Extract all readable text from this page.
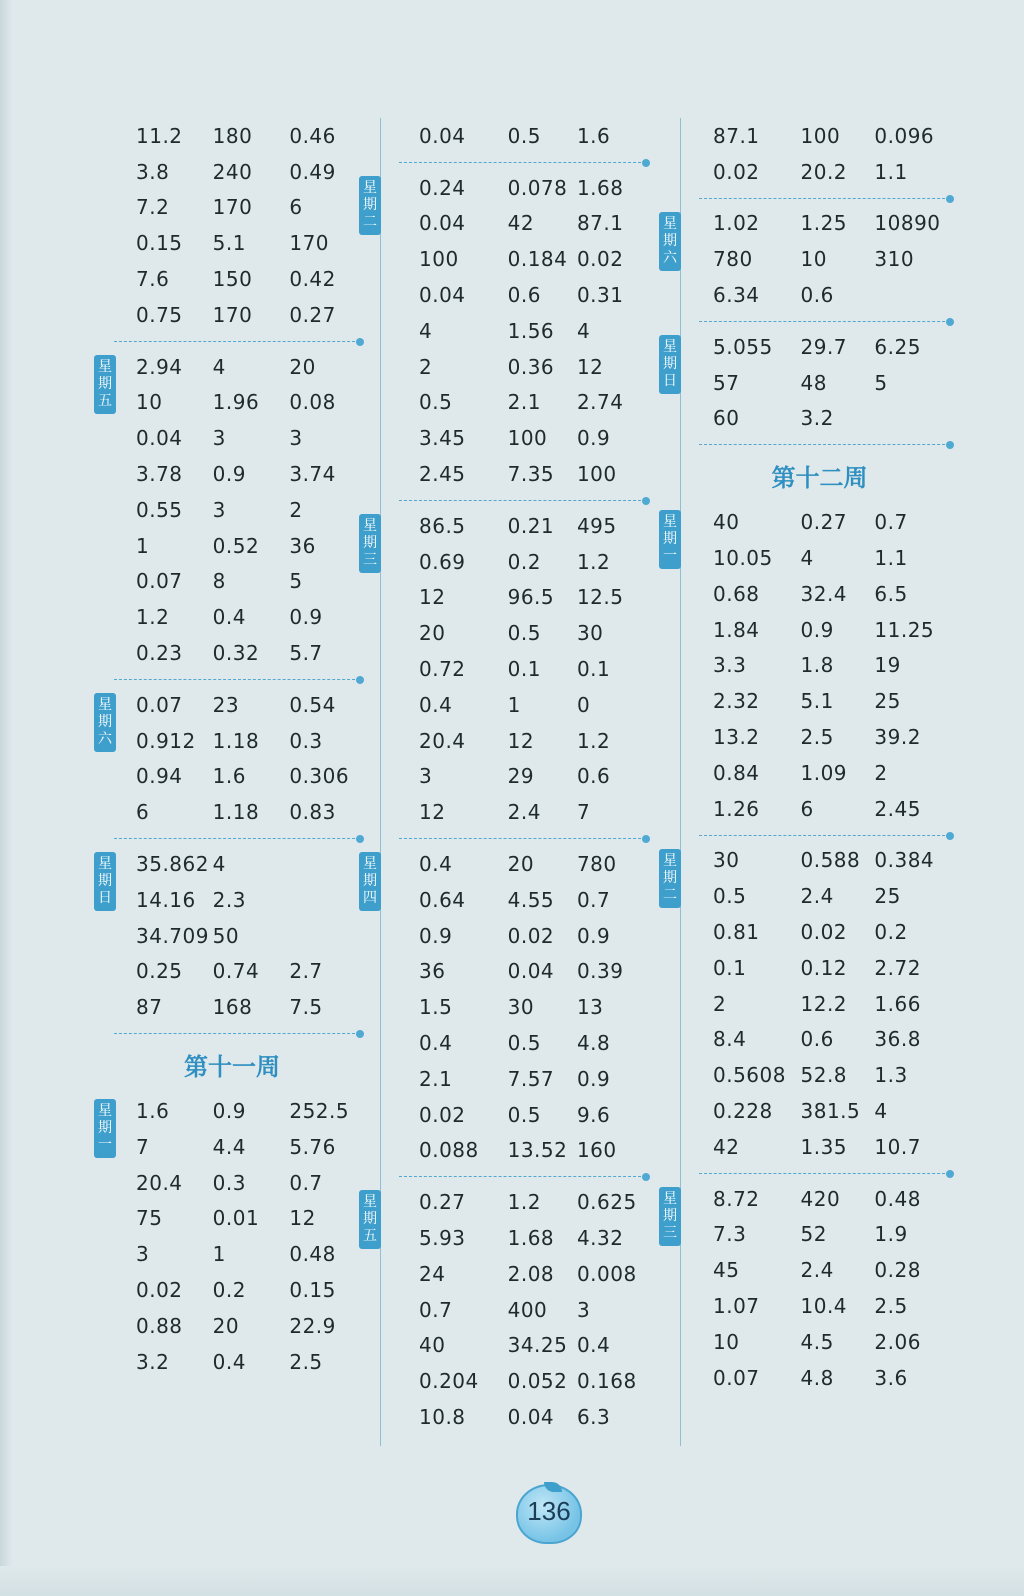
11.2	180	0.46
3.8	240	0.49
7.2	170	6
0.15	5.1	170
7.6	150	0.42
0.75	170	0.27
星
期
五
2.94	4	20
10	1.96	0.08
0.04	3	3
3.78	0.9	3.74
0.55	3	2
1	0.52	36
0.07	8	5
1.2	0.4	0.9
0.23	0.32	5.7
星
期
六
0.07	23	0.54
0.912 1.18	0.3
0.94	1.6	0.306
6	1.18	0.83
星
期
日
35.862 4
14.16 2.3
34.709 50
0.25	0.74	2.7
87	168	7.5
第十一周
星
期
一
1.6	0.9	252.5
7	4.4	5.76
20.4	0.3	0.7
75	0.01	12
3	1	0.48
0.02	0.2	0.15
0.88	20	22.9
3.2	0.4	2.5
0.04	0.5	1.6
星
期
二
0.24	0.078 1.68
0.04	42	87.1
100	0.184 0.02
0.04	0.6	0.31
4	1.56	4
2	0.36	12
0.5	2.1	2.74
3.45	100	0.9
2.45	7.35	100
星
期
三
86.5	0.21	495
0.69	0.2	1.2
12	96.5	12.5
20	0.5	30
0.72	0.1	0.1
0.4	1	0
20.4	12	1.2
3	29	0.6
12	2.4	7
星
期
四
0.4	20	780
0.64	4.55	0.7
0.9	0.02	0.9
36	0.04	0.39
1.5	30	13
0.4	0.5	4.8
2.1	7.57	0.9
0.02	0.5	9.6
0.088	13.52 160
星
期
五
0.27	1.2	0.625
5.93	1.68	4.32
24	2.08	0.008
0.7	400	3
40	34.25 0.4
0.204	0.052 0.168
10.8	0.04	6.3
87.1	100	0.096
0.02	20.2	1.1
星
期
六
1.02	1.25	10890
780	10	310
6.34	0.6
星
期
日
5.055	29.7	6.25
57	48	5
60	3.2
第十二周
星
期
一
40	0.27	0.7
10.05	4	1.1
0.68	32.4	6.5
1.84	0.9	11.25
3.3	1.8	19
2.32	5.1	25
13.2	2.5	39.2
0.84	1.09	2
1.26	6	2.45
星
期
二
30	0.588 0.384
0.5	2.4	25
0.81	0.02	0.2
0.1	0.12	2.72
2	12.2	1.66
8.4	0.6	36.8
0.5608 52.8	1.3
0.228	381.5 4
42	1.35	10.7
星
期
三
8.72	420	0.48
7.3	52	1.9
45	2.4	0.28
1.07	10.4	2.5
10	4.5	2.06
0.07	4.8	3.6
136
